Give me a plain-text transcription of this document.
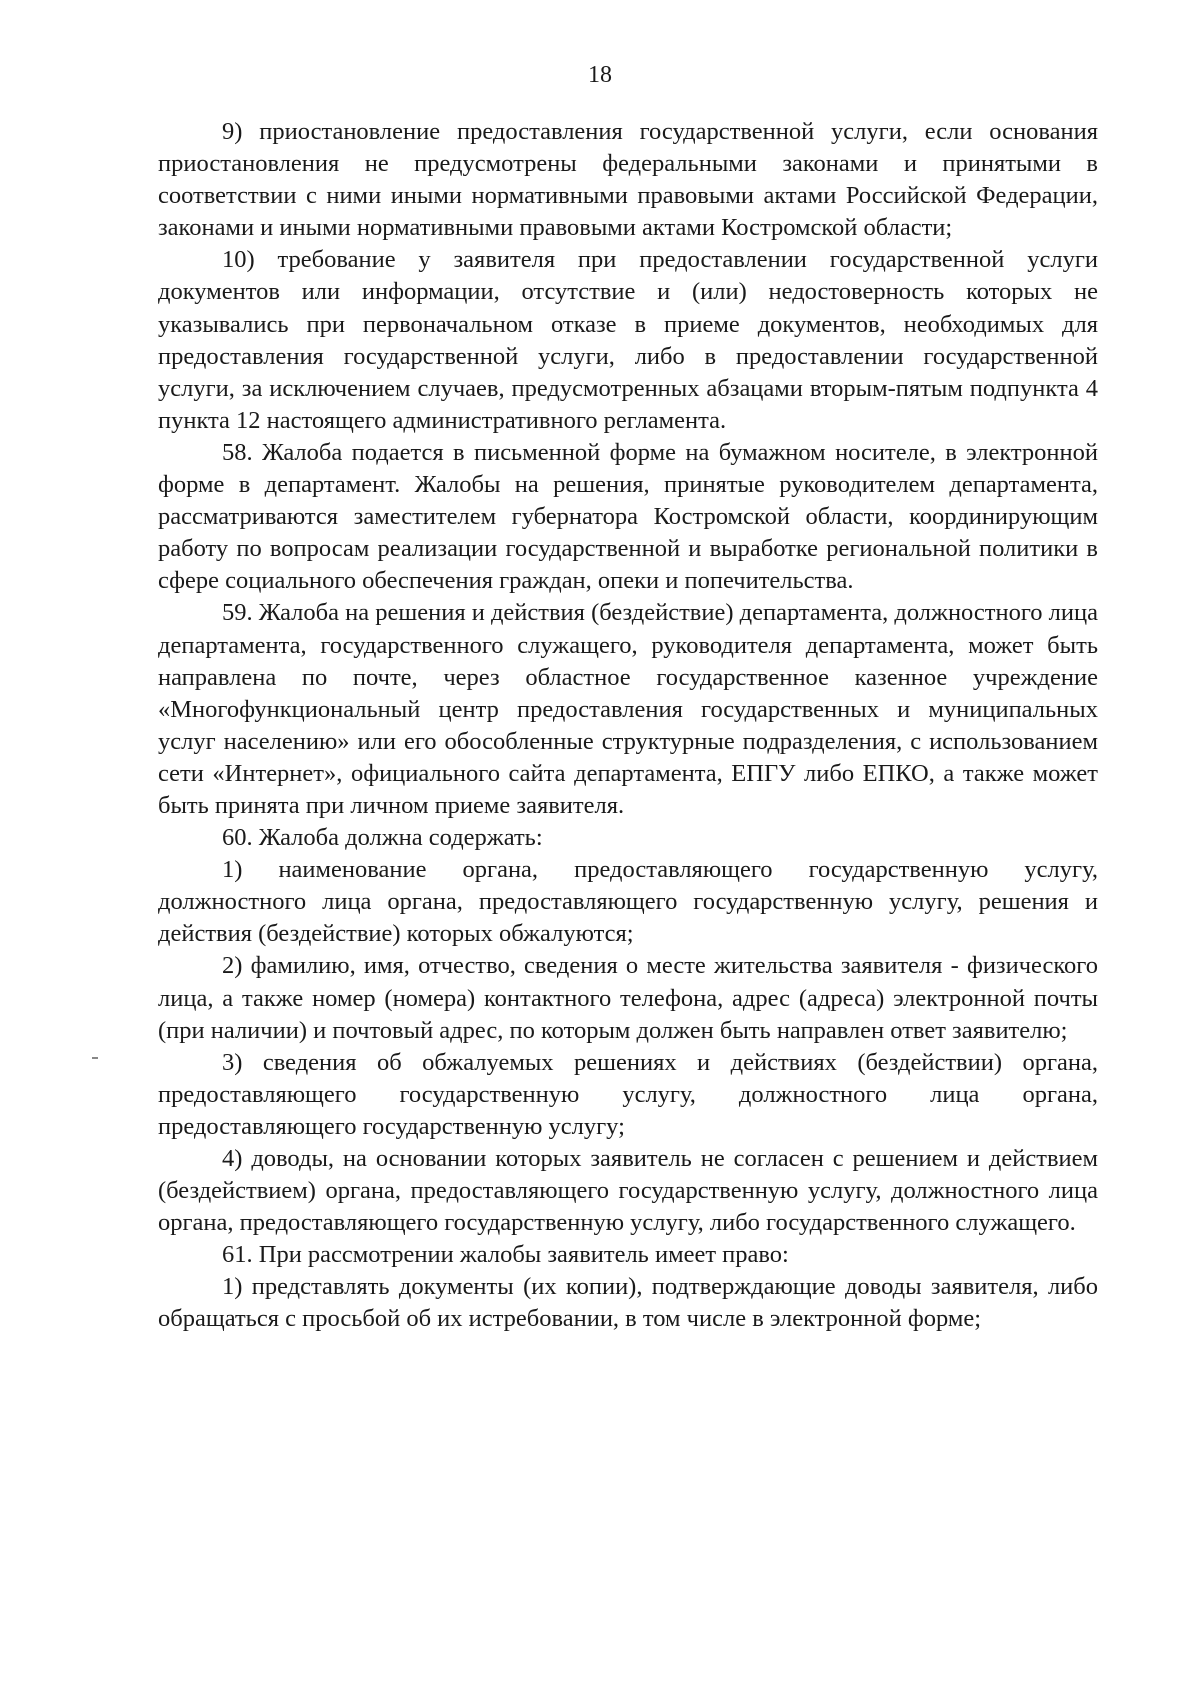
18

9) приостановление предоставления государственной услуги, если основания приостановления не предусмотрены федеральными законами и принятыми в соответствии с ними иными нормативными правовыми актами Российской Федерации, законами и иными нормативными правовыми актами Костромской области;

10) требование у заявителя при предоставлении государственной услуги документов или информации, отсутствие и (или) недостоверность которых не указывались при первоначальном отказе в приеме документов, необходимых для предоставления государственной услуги, либо в предоставлении государственной услуги, за исключением случаев, предусмотренных абзацами вторым-пятым подпункта 4 пункта 12 настоящего административного регламента.

58. Жалоба подается в письменной форме на бумажном носителе, в электронной форме в департамент. Жалобы на решения, принятые руководителем департамента, рассматриваются заместителем губернатора Костромской области, координирующим работу по вопросам реализации государственной и выработке региональной политики в сфере социального обеспечения граждан, опеки и попечительства.

59. Жалоба на решения и действия (бездействие) департамента, должностного лица департамента, государственного служащего, руководителя департамента, может быть направлена по почте, через областное государственное казенное учреждение «Многофункциональный центр предоставления государственных и муниципальных услуг населению» или его обособленные структурные подразделения, с использованием сети «Интернет», официального сайта департамента, ЕПГУ либо ЕПКО, а также может быть принята при личном приеме заявителя.

60. Жалоба должна содержать:

1) наименование органа, предоставляющего государственную услугу, должностного лица органа, предоставляющего государственную услугу, решения и действия (бездействие) которых обжалуются;

2) фамилию, имя, отчество, сведения о месте жительства заявителя - физического лица, а также номер (номера) контактного телефона, адрес (адреса) электронной почты (при наличии) и почтовый адрес, по которым должен быть направлен ответ заявителю;

3) сведения об обжалуемых решениях и действиях (бездействии) органа, предоставляющего государственную услугу, должностного лица органа, предоставляющего государственную услугу;

4) доводы, на основании которых заявитель не согласен с решением и действием (бездействием) органа, предоставляющего государственную услугу, должностного лица органа, предоставляющего государственную услугу, либо государственного служащего.

61. При рассмотрении жалобы заявитель имеет право:

1) представлять документы (их копии), подтверждающие доводы заявителя, либо обращаться с просьбой об их истребовании, в том числе в электронной форме;
